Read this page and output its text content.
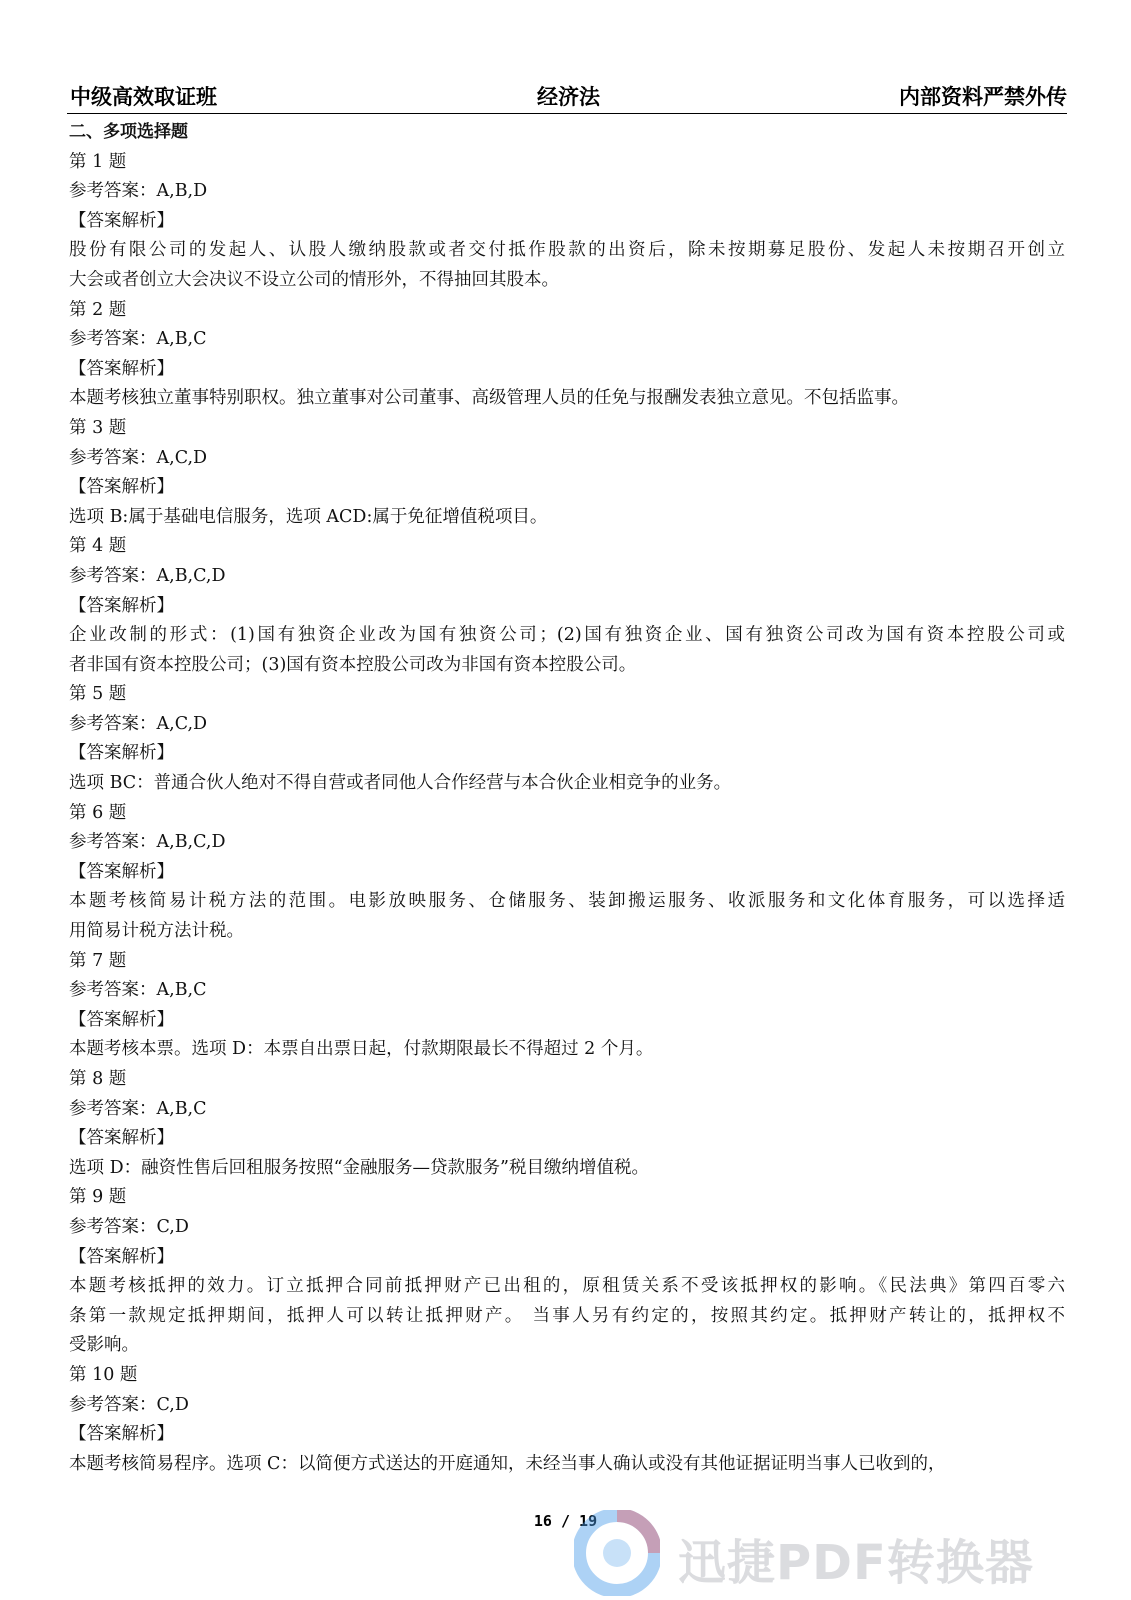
中级高效取证班	经济法	内部资料严禁外传
二、多项选择题
第 1 题
参考答案：A,B,D
【答案解析】
股份有限公司的发起人、认股人缴纳股款或者交付抵作股款的出资后，除未按期募足股份、发起人未按期召开创立
大会或者创立大会决议不设立公司的情形外，不得抽回其股本。
第 2 题
参考答案：A,B,C
【答案解析】
本题考核独立董事特别职权。独立董事对公司董事、高级管理人员的任免与报酬发表独立意见。不包括监事。
第 3 题
参考答案：A,C,D
【答案解析】
选项 B:属于基础电信服务，选项 ACD:属于免征增值税项目。
第 4 题
参考答案：A,B,C,D
【答案解析】
企业改制的形式：(1)国有独资企业改为国有独资公司；(2)国有独资企业、国有独资公司改为国有资本控股公司或
者非国有资本控股公司；(3)国有资本控股公司改为非国有资本控股公司。
第 5 题
参考答案：A,C,D
【答案解析】
选项 BC：普通合伙人绝对不得自营或者同他人合作经营与本合伙企业相竞争的业务。
第 6 题
参考答案：A,B,C,D
【答案解析】
本题考核简易计税方法的范围。电影放映服务、仓储服务、装卸搬运服务、收派服务和文化体育服务，可以选择适
用简易计税方法计税。
第 7 题
参考答案：A,B,C
【答案解析】
本题考核本票。选项 D：本票自出票日起，付款期限最长不得超过 2 个月。
第 8 题
参考答案：A,B,C
【答案解析】
选项 D：融资性售后回租服务按照“金融服务—贷款服务”税目缴纳增值税。
第 9 题
参考答案：C,D
【答案解析】
本题考核抵押的效力。订立抵押合同前抵押财产已出租的，原租赁关系不受该抵押权的影响。《民法典》第四百零六
条第一款规定抵押期间，抵押人可以转让抵押财产。 当事人另有约定的，按照其约定。抵押财产转让的，抵押权不
受影响。
第 10 题
参考答案：C,D
【答案解析】
本题考核简易程序。选项 C：以简便方式送达的开庭通知，未经当事人确认或没有其他证据证明当事人已收到的，
16 / 19
迅捷PDF转换器
